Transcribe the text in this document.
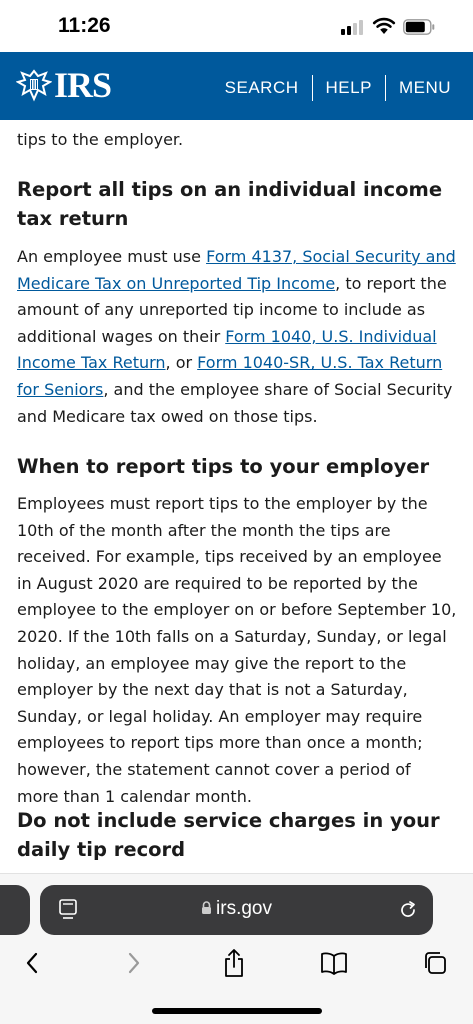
11:26
IRS	SEARCH HELP MENU

tips to the employer.

Report all tips on an individual income tax return

An employee must use Form 4137, Social Security and Medicare Tax on Unreported Tip Income, to report the amount of any unreported tip income to include as additional wages on their Form 1040, U.S. Individual Income Tax Return, or Form 1040-SR, U.S. Tax Return for Seniors, and the employee share of Social Security and Medicare tax owed on those tips.

When to report tips to your employer

Employees must report tips to the employer by the 10th of the month after the month the tips are received. For example, tips received by an employee in August 2020 are required to be reported by the employee to the employer on or before September 10, 2020. If the 10th falls on a Saturday, Sunday, or legal holiday, an employee may give the report to the employer by the next day that is not a Saturday, Sunday, or legal holiday. An employer may require employees to report tips more than once a month; however, the statement cannot cover a period of more than 1 calendar month.

Do not include service charges in your daily tip record
irs.gov
